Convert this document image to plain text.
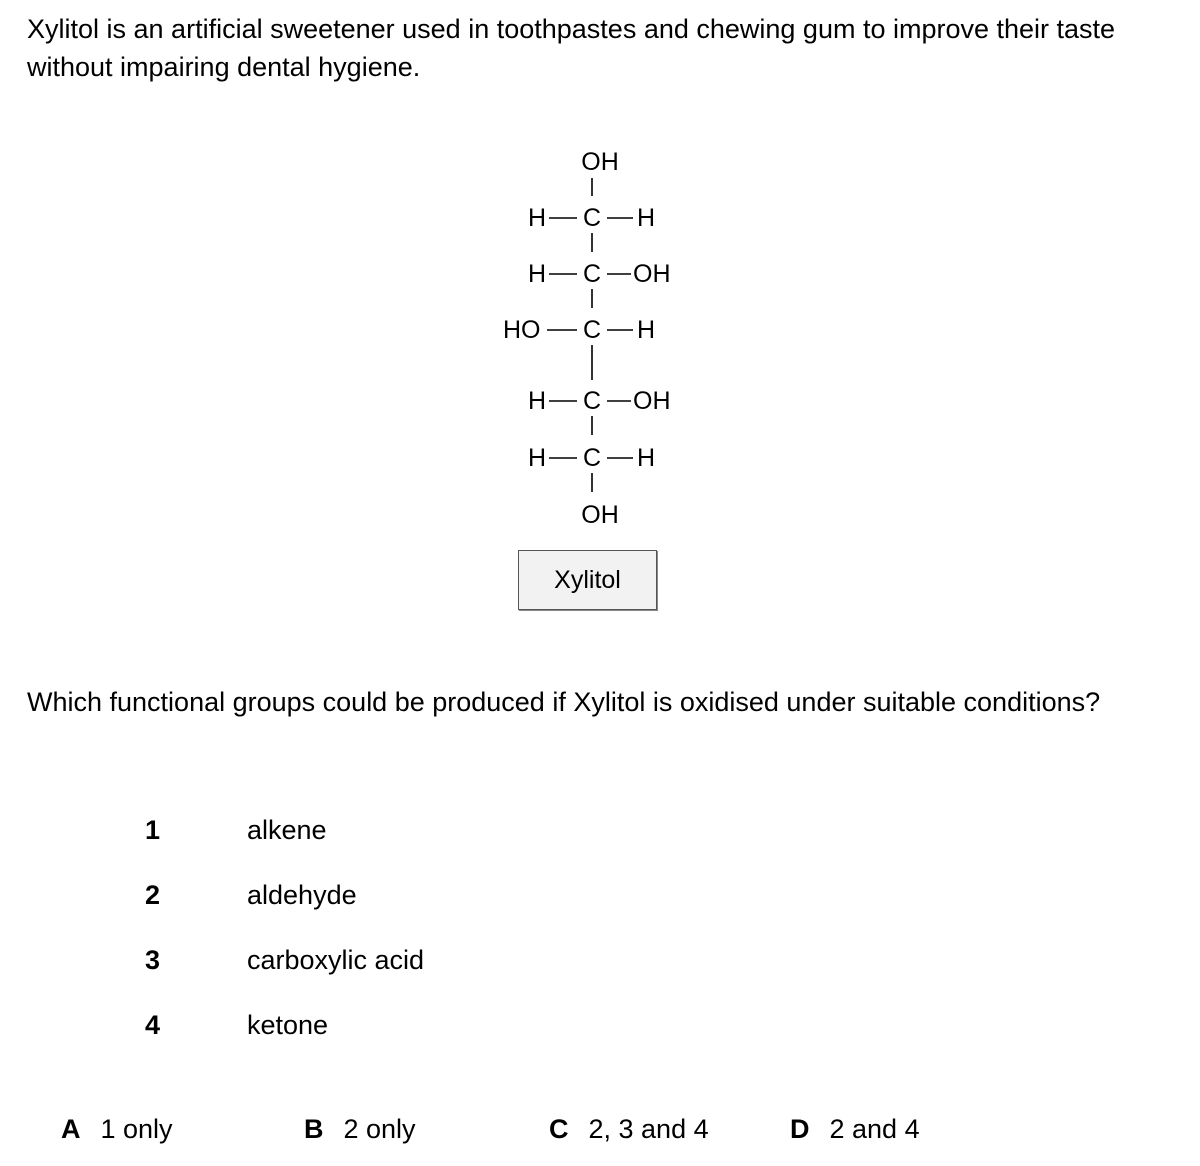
Xylitol is an artificial sweetener used in toothpastes and chewing gum to improve their taste without impairing dental hygiene.

OH
H C H
H C OH
HO C H
H C OH
H C H
OH
Xylitol

Which functional groups could be produced if Xylitol is oxidised under suitable conditions?

1	alkene
2	aldehyde
3	carboxylic acid
4	ketone
A 1 only	B 2 only	C 2, 3 and 4	D 2 and 4
